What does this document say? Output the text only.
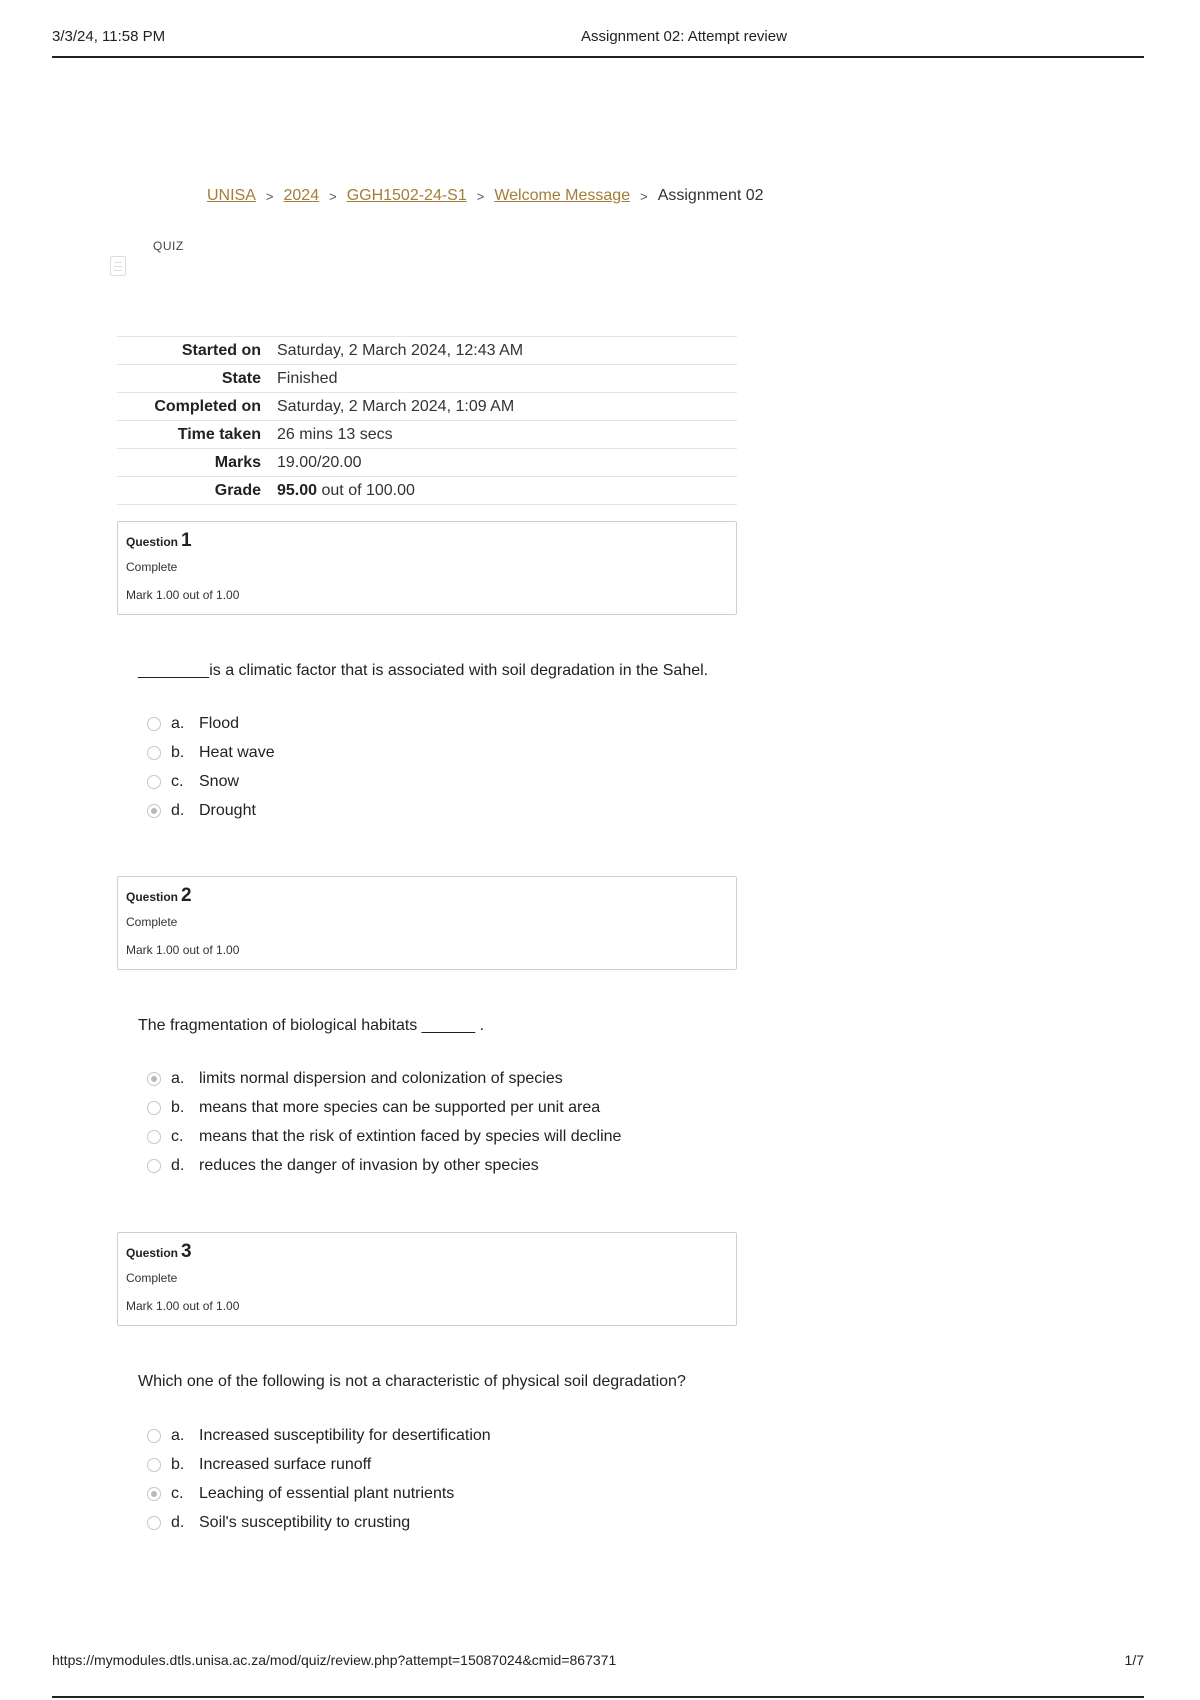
3/3/24, 11:58 PM	Assignment 02: Attempt review
UNISA > 2024 > GGH1502-24-S1 > Welcome Message > Assignment 02
QUIZ
Started on	Saturday, 2 March 2024, 12:43 AM
State	Finished
Completed on	Saturday, 2 March 2024, 1:09 AM
Time taken	26 mins 13 secs
Marks	19.00/20.00
Grade	95.00 out of 100.00
Question 1
Complete
Mark 1.00 out of 1.00
________is a climatic factor that is associated with soil degradation in the Sahel.
a. Flood
b. Heat wave
c. Snow
d. Drought
Question 2
Complete
Mark 1.00 out of 1.00
The fragmentation of biological habitats ______ .
a. limits normal dispersion and colonization of species
b. means that more species can be supported per unit area
c. means that the risk of extintion faced by species will decline
d. reduces the danger of invasion by other species
Question 3
Complete
Mark 1.00 out of 1.00
Which one of the following is not a characteristic of physical soil degradation?
a. Increased susceptibility for desertification
b. Increased surface runoff
c. Leaching of essential plant nutrients
d. Soil's susceptibility to crusting
https://mymodules.dtls.unisa.ac.za/mod/quiz/review.php?attempt=15087024&cmid=867371	1/7
